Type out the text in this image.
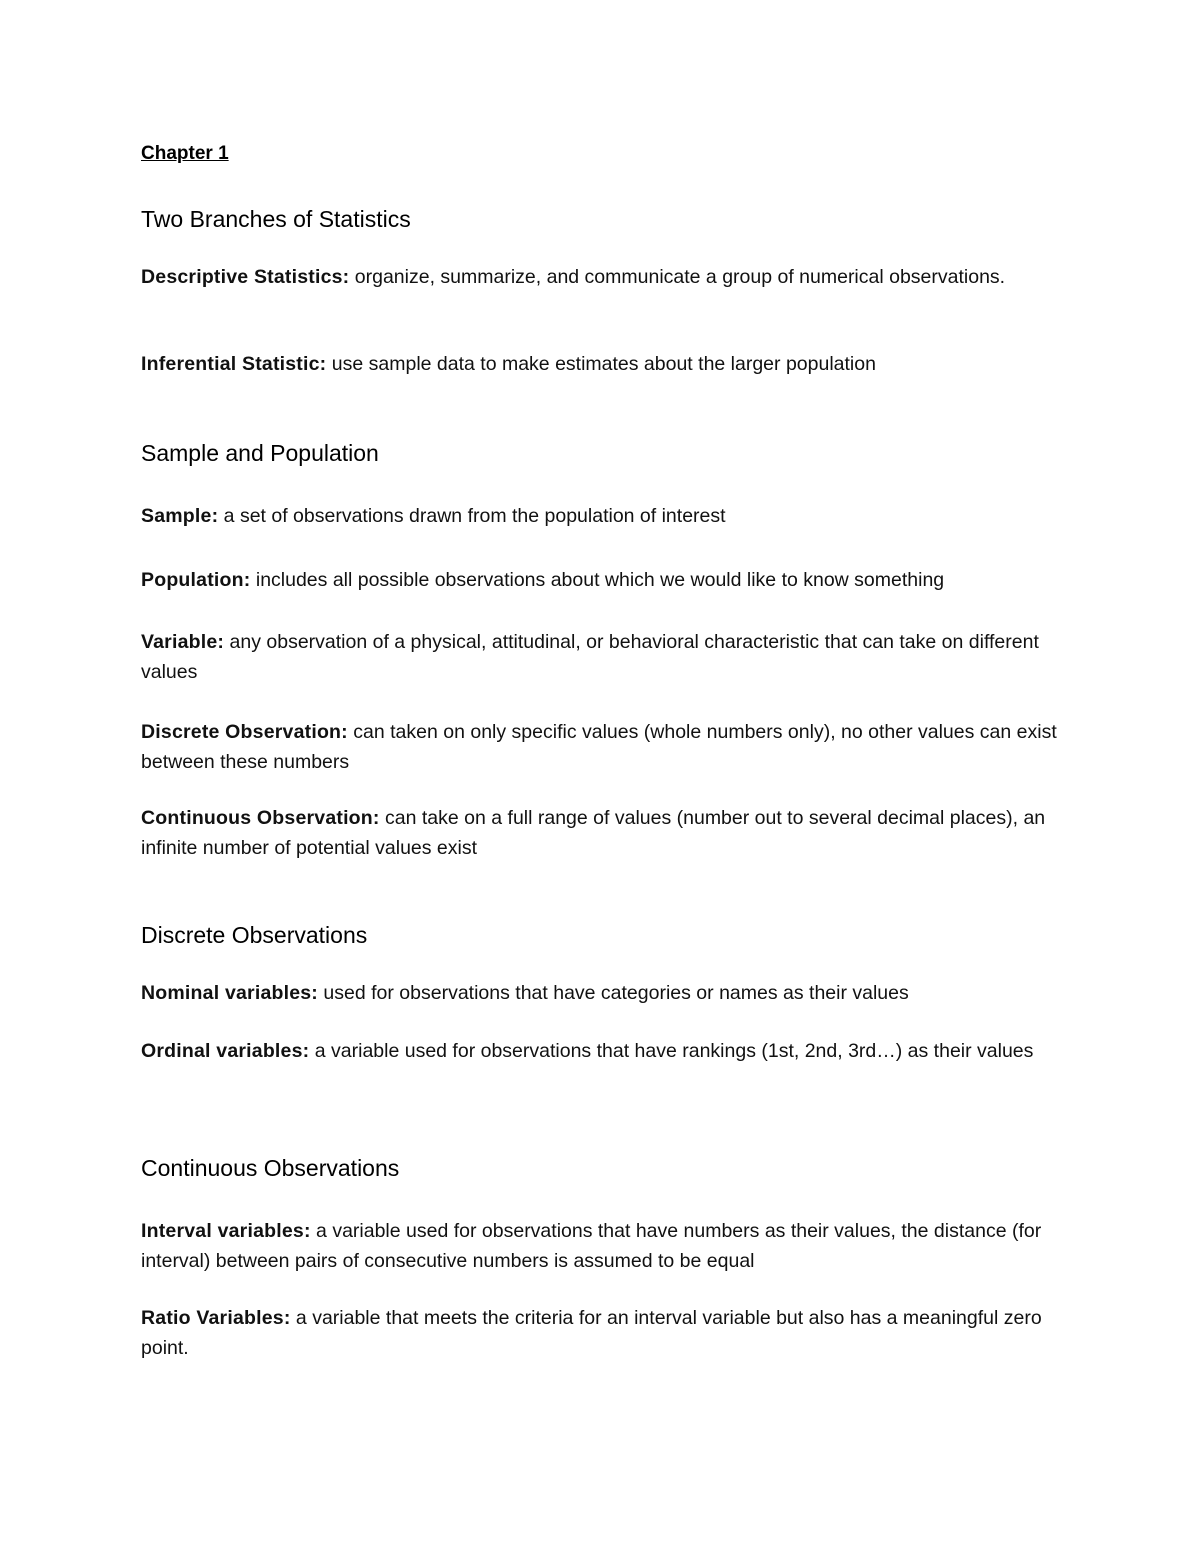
Chapter 1
Two Branches of Statistics

Descriptive Statistics: organize, summarize, and communicate a group of numerical observations.

Inferential Statistic: use sample data to make estimates about the larger population

Sample and Population

Sample: a set of observations drawn from the population of interest

Population: includes all possible observations about which we would like to know something

Variable: any observation of a physical, attitudinal, or behavioral characteristic that can take on different values

Discrete Observation: can taken on only specific values (whole numbers only), no other values can exist between these numbers

Continuous Observation: can take on a full range of values (number out to several decimal places), an infinite number of potential values exist

Discrete Observations

Nominal variables: used for observations that have categories or names as their values

Ordinal variables: a variable used for observations that have rankings (1st, 2nd, 3rd…) as their values

Continuous Observations

Interval variables: a variable used for observations that have numbers as their values, the distance (for interval) between pairs of consecutive numbers is assumed to be equal

Ratio Variables: a variable that meets the criteria for an interval variable but also has a meaningful zero point.
